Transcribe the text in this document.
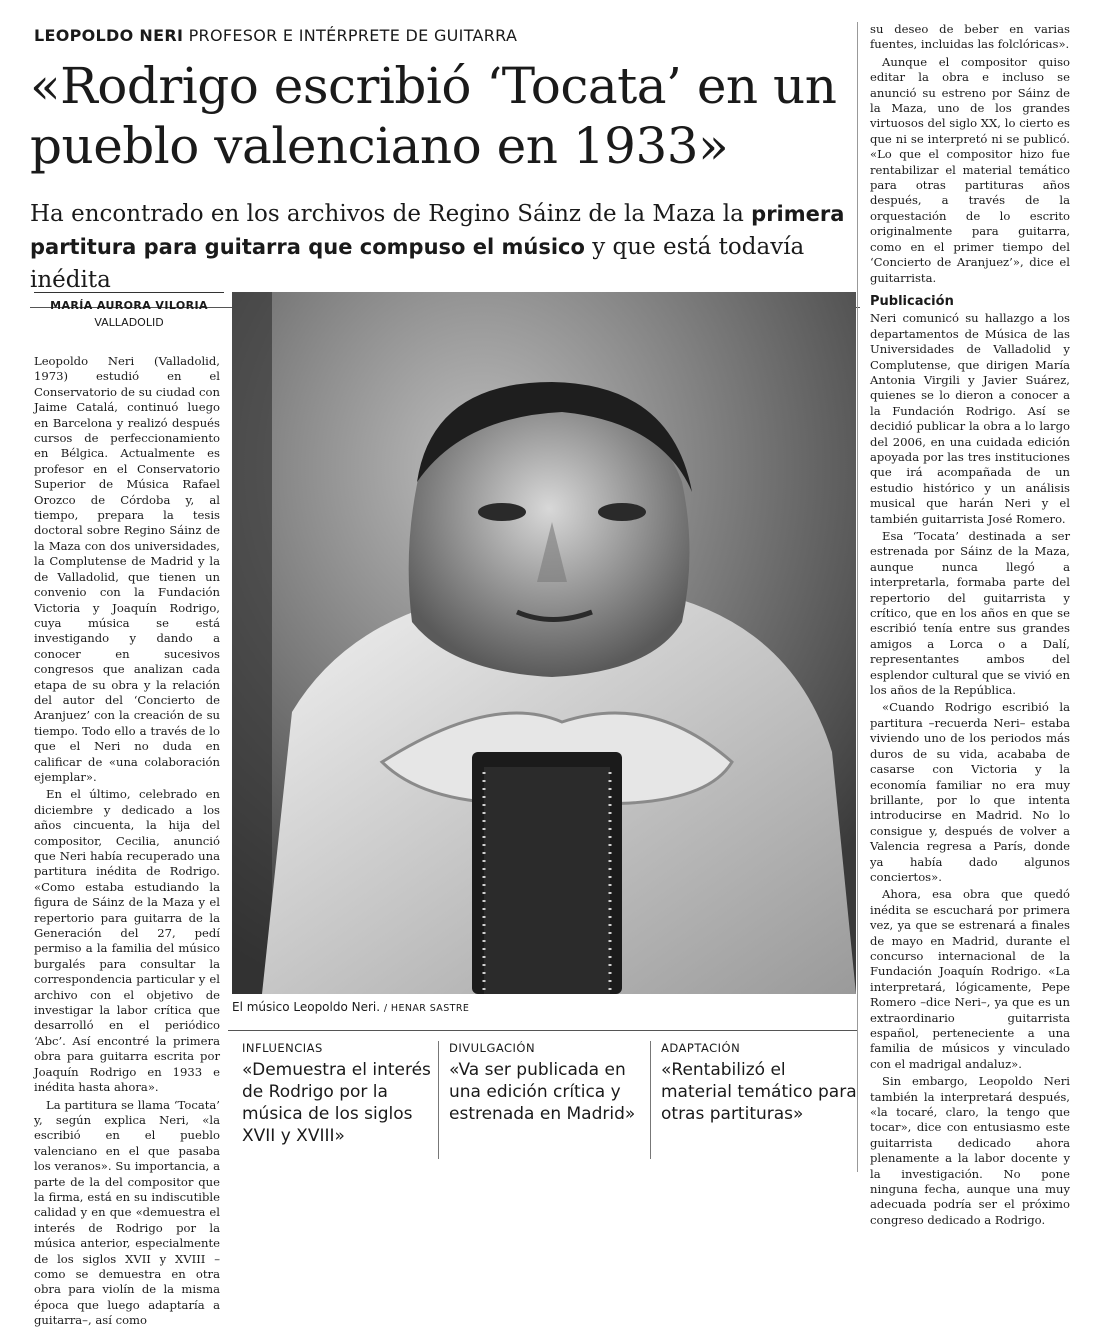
LEOPOLDO NERI PROFESOR E INTÉRPRETE DE GUITARRA
«Rodrigo escribió ‘Tocata’ en un pueblo valenciano en 1933»
Ha encontrado en los archivos de Regino Sáinz de la Maza la primera partitura para guitarra que compuso el músico y que está todavía inédita
MARÍA AURORA VILORIA
VALLADOLID

Leopoldo Neri (Valladolid, 1973) estudió en el Conservatorio de su ciudad con Jaime Catalá, continuó luego en Barcelona y realizó después cursos de perfeccionamiento en Bélgica. Actualmente es profesor en el Conservatorio Superior de Música Rafael Orozco de Córdoba y, al tiempo, prepara la tesis doctoral sobre Regino Sáinz de la Maza con dos universidades, la Complutense de Madrid y la de Valladolid, que tienen un convenio con la Fundación Victoria y Joaquín Rodrigo, cuya música se está investigando y dando a conocer en sucesivos congresos que analizan cada etapa de su obra y la relación del autor del ‘Concierto de Aranjuez’ con la creación de su tiempo. Todo ello a través de lo que el Neri no duda en calificar de «una colaboración ejemplar».

En el último, celebrado en diciembre y dedicado a los años cincuenta, la hija del compositor, Cecilia, anunció que Neri había recuperado una partitura inédita de Rodrigo. «Como estaba estudiando la figura de Sáinz de la Maza y el repertorio para guitarra de la Generación del 27, pedí permiso a la familia del músico burgalés para consultar la correspondencia particular y el archivo con el objetivo de investigar la labor crítica que desarrolló en el periódico ‘Abc’. Así encontré la primera obra para guitarra escrita por Joaquín Rodrigo en 1933 e inédita hasta ahora».

La partitura se llama ‘Tocata’ y, según explica Neri, «la escribió en el pueblo valenciano en el que pasaba los veranos». Su importancia, a parte de la del compositor que la firma, está en su indiscutible calidad y en que «demuestra el interés de Rodrigo por la música anterior, especialmente de los siglos XVII y XVIII –como se demuestra en otra obra para violín de la misma época que luego adaptaría a guitarra–, así como

El músico Leopoldo Neri. / HENAR SASTRE
INFLUENCIAS
«Demuestra el interés de Rodrigo por la música de los siglos XVII y XVIII»
DIVULGACIÓN
«Va ser publicada en una edición crítica y estrenada en Madrid»
ADAPTACIÓN
«Rentabilizó el material temático para otras partituras»

su deseo de beber en varias fuentes, incluidas las folclóricas».

Aunque el compositor quiso editar la obra e incluso se anunció su estreno por Sáinz de la Maza, uno de los grandes virtuosos del siglo XX, lo cierto es que ni se interpretó ni se publicó. «Lo que el compositor hizo fue rentabilizar el material temático para otras partituras años después, a través de la orquestación de lo escrito originalmente para guitarra, como en el primer tiempo del ‘Concierto de Aranjuez’», dice el guitarrista.

Publicación

Neri comunicó su hallazgo a los departamentos de Música de las Universidades de Valladolid y Complutense, que dirigen María Antonia Virgili y Javier Suárez, quienes se lo dieron a conocer a la Fundación Rodrigo. Así se decidió publicar la obra a lo largo del 2006, en una cuidada edición apoyada por las tres instituciones que irá acompañada de un estudio histórico y un análisis musical que harán Neri y el también guitarrista José Romero.

Esa ‘Tocata’ destinada a ser estrenada por Sáinz de la Maza, aunque nunca llegó a interpretarla, formaba parte del repertorio del guitarrista y crítico, que en los años en que se escribió tenía entre sus grandes amigos a Lorca o a Dalí, representantes ambos del esplendor cultural que se vivió en los años de la República.

«Cuando Rodrigo escribió la partitura –recuerda Neri– estaba viviendo uno de los periodos más duros de su vida, acababa de casarse con Victoria y la economía familiar no era muy brillante, por lo que intenta introducirse en Madrid. No lo consigue y, después de volver a Valencia regresa a París, donde ya había dado algunos conciertos».

Ahora, esa obra que quedó inédita se escuchará por primera vez, ya que se estrenará a finales de mayo en Madrid, durante el concurso internacional de la Fundación Joaquín Rodrigo. «La interpretará, lógicamente, Pepe Romero –dice Neri–, ya que es un extraordinario guitarrista español, perteneciente a una familia de músicos y vinculado con el madrigal andaluz».

Sin embargo, Leopoldo Neri también la interpretará después, «la tocaré, claro, la tengo que tocar», dice con entusiasmo este guitarrista dedicado ahora plenamente a la labor docente y la investigación. No pone ninguna fecha, aunque una muy adecuada podría ser el próximo congreso dedicado a Rodrigo.
